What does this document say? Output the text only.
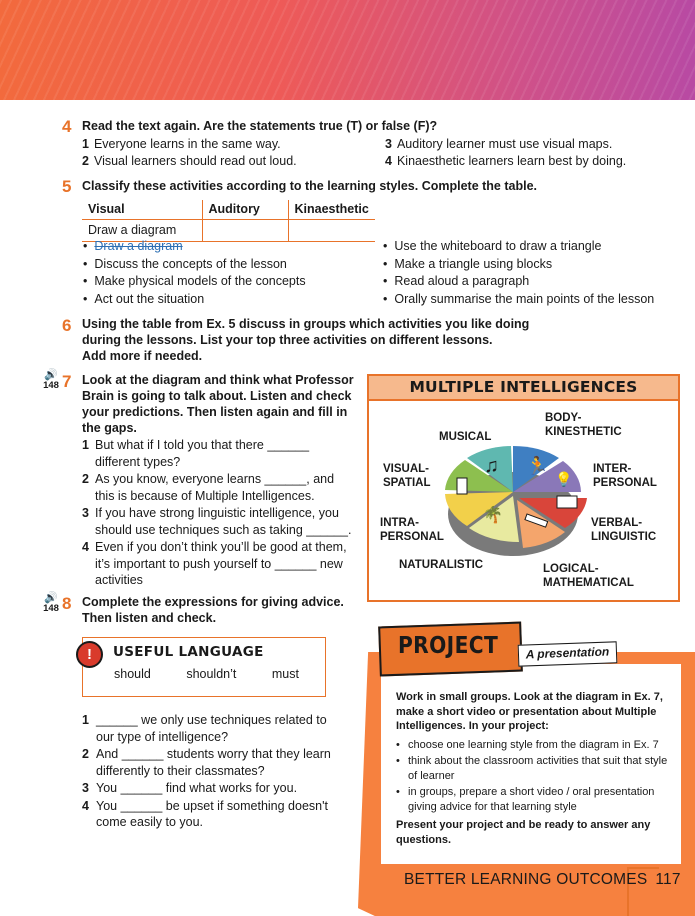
4 Read the text again. Are the statements true (T) or false (F)?
1 Everyone learns in the same way.
2 Visual learners should read out loud.
3 Auditory learner must use visual maps.
4 Kinaesthetic learners learn best by doing.
5 Classify these activities according to the learning styles. Complete the table.
Visual	Auditory	Kinaesthetic
Draw a diagram		
• Draw a diagram
• Discuss the concepts of the lesson
• Make physical models of the concepts
• Act out the situation
• Use the whiteboard to draw a triangle
• Make a triangle using blocks
• Read aloud a paragraph
• Orally summarise the main points of the lesson
6 Using the table from Ex. 5 discuss in groups which activities you like doing
during the lessons. List your top three activities on different lessons.
Add more if needed.
🔊
148 7 Look at the diagram and think what Professor
Brain is going to talk about. Listen and check
your predictions. Then listen again and fill in
the gaps.
1 But what if I told you that there ______ different types?
2 As you know, everyone learns ______, and this is because of Multiple Intelligences.
3 If you have strong linguistic intelligence, you should use techniques such as taking ______.
4 Even if you don’t think you’ll be good at them, it’s important to push yourself to ______ new activities
MULTIPLE INTELLIGENCES
♫ 🏃
💡
🌴
MUSICAL
BODY-
KINESTHETIC
VISUAL-
SPATIAL
INTER-
PERSONAL
INTRA-
PERSONAL
VERBAL-
LINGUISTIC
NATURALISTIC	LOGICAL-
MATHEMATICAL
🔊
148 8 Complete the expressions for giving advice.
Then listen and check.
!	USEFUL LANGUAGE
should	shouldn’t	must
1 ______ we only use techniques related to our type of intelligence?
2 And ______ students worry that they learn differently to their classmates?
3 You ______ find what works for you.
4 You ______ be upset if something doesn't come easily to you.
PROJECT	A presentation
Work in small groups. Look at the diagram in Ex. 7, make a short video or presentation about Multiple Intelligences. In your project:
• choose one learning style from the diagram in Ex. 7
• think about the classroom activities that suit that style of learner
• in groups, prepare a short video / oral presentation giving advice for that learning style
Present your project and be ready to answer any questions.
BETTER LEARNING OUTCOMES 117
